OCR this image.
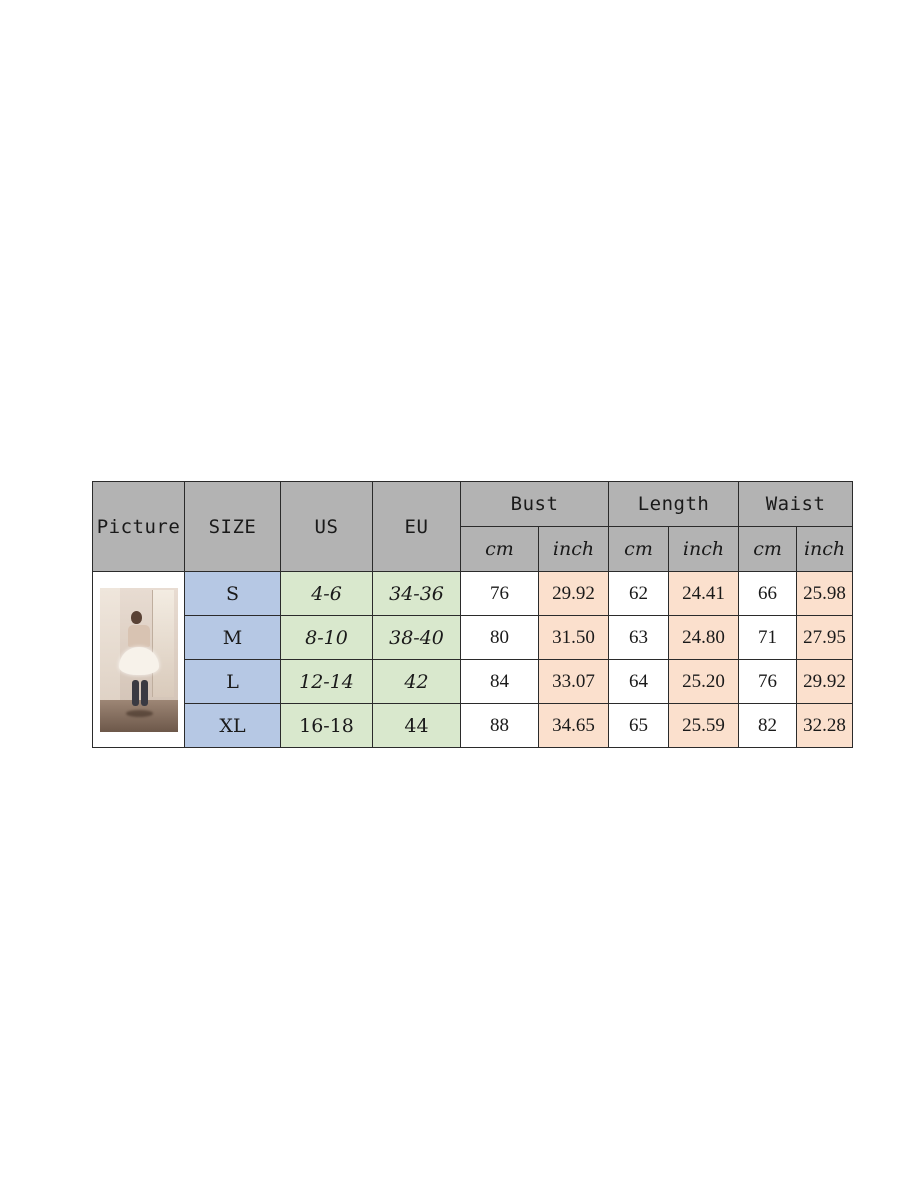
Picture	SIZE	US	EU	Bust		Length		Waist	
				cm	inch	cm	inch	cm	inch

	S	4-6	34-36	76	29.92	62	24.41	66	25.98
	M	8-10	38-40	80	31.50	63	24.80	71	27.95
	L	12-14	42	84	33.07	64	25.20	76	29.92
	XL	16-18	44	88	34.65	65	25.59	82	32.28
